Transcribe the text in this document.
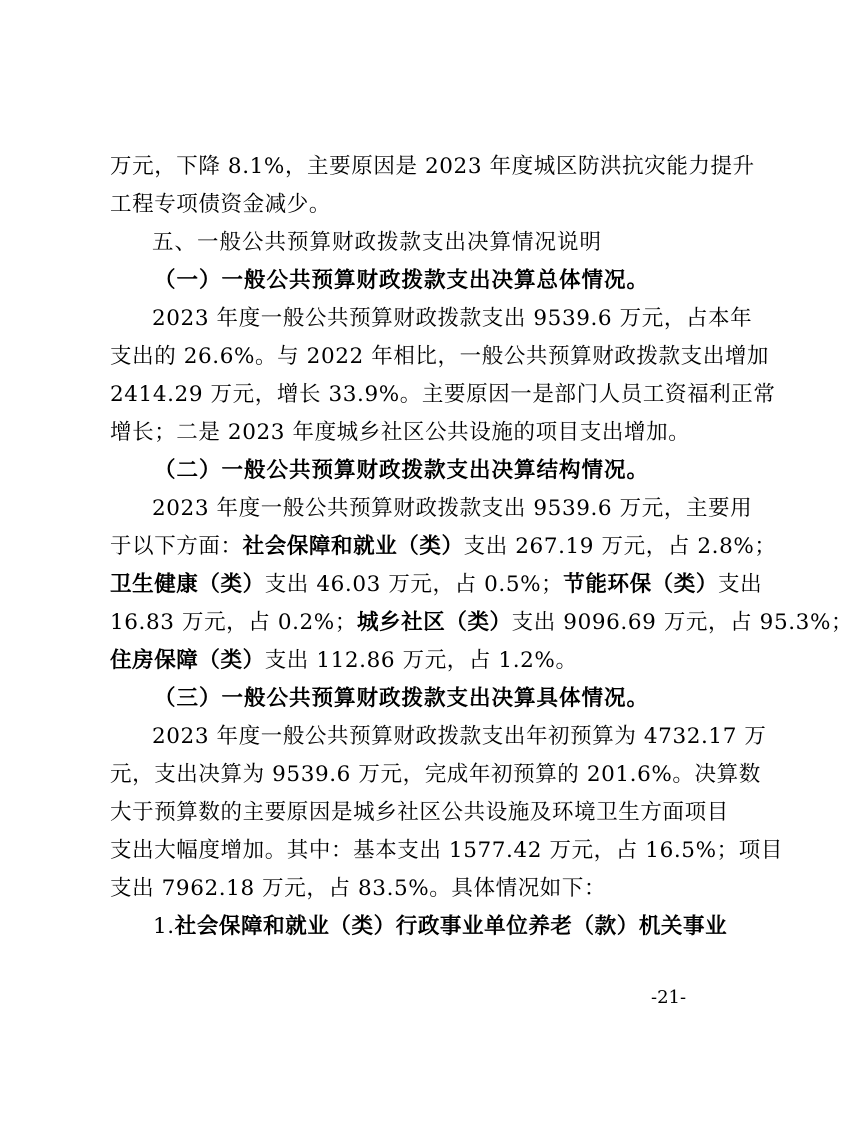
万元，下降 8.1%，主要原因是 2023 年度城区防洪抗灾能力提升
工程专项债资金减少。
五、一般公共预算财政拨款支出决算情况说明
（一）一般公共预算财政拨款支出决算总体情况。
2023 年度一般公共预算财政拨款支出 9539.6 万元，占本年
支出的 26.6%。与 2022 年相比，一般公共预算财政拨款支出增加
2414.29 万元，增长 33.9%。主要原因一是部门人员工资福利正常
增长；二是 2023 年度城乡社区公共设施的项目支出增加。
（二）一般公共预算财政拨款支出决算结构情况。
2023 年度一般公共预算财政拨款支出 9539.6 万元，主要用
于以下方面：社会保障和就业（类）支出 267.19 万元，占 2.8%；
卫生健康（类）支出 46.03 万元，占 0.5%；节能环保（类）支出
16.83 万元，占 0.2%；城乡社区（类）支出 9096.69 万元，占 95.3%；
住房保障（类）支出 112.86 万元，占 1.2%。
（三）一般公共预算财政拨款支出决算具体情况。
2023 年度一般公共预算财政拨款支出年初预算为 4732.17 万
元，支出决算为 9539.6 万元，完成年初预算的 201.6%。决算数
大于预算数的主要原因是城乡社区公共设施及环境卫生方面项目
支出大幅度增加。其中：基本支出 1577.42 万元，占 16.5%；项目
支出 7962.18 万元，占 83.5%。具体情况如下：
1.社会保障和就业（类）行政事业单位养老（款）机关事业
-21-
